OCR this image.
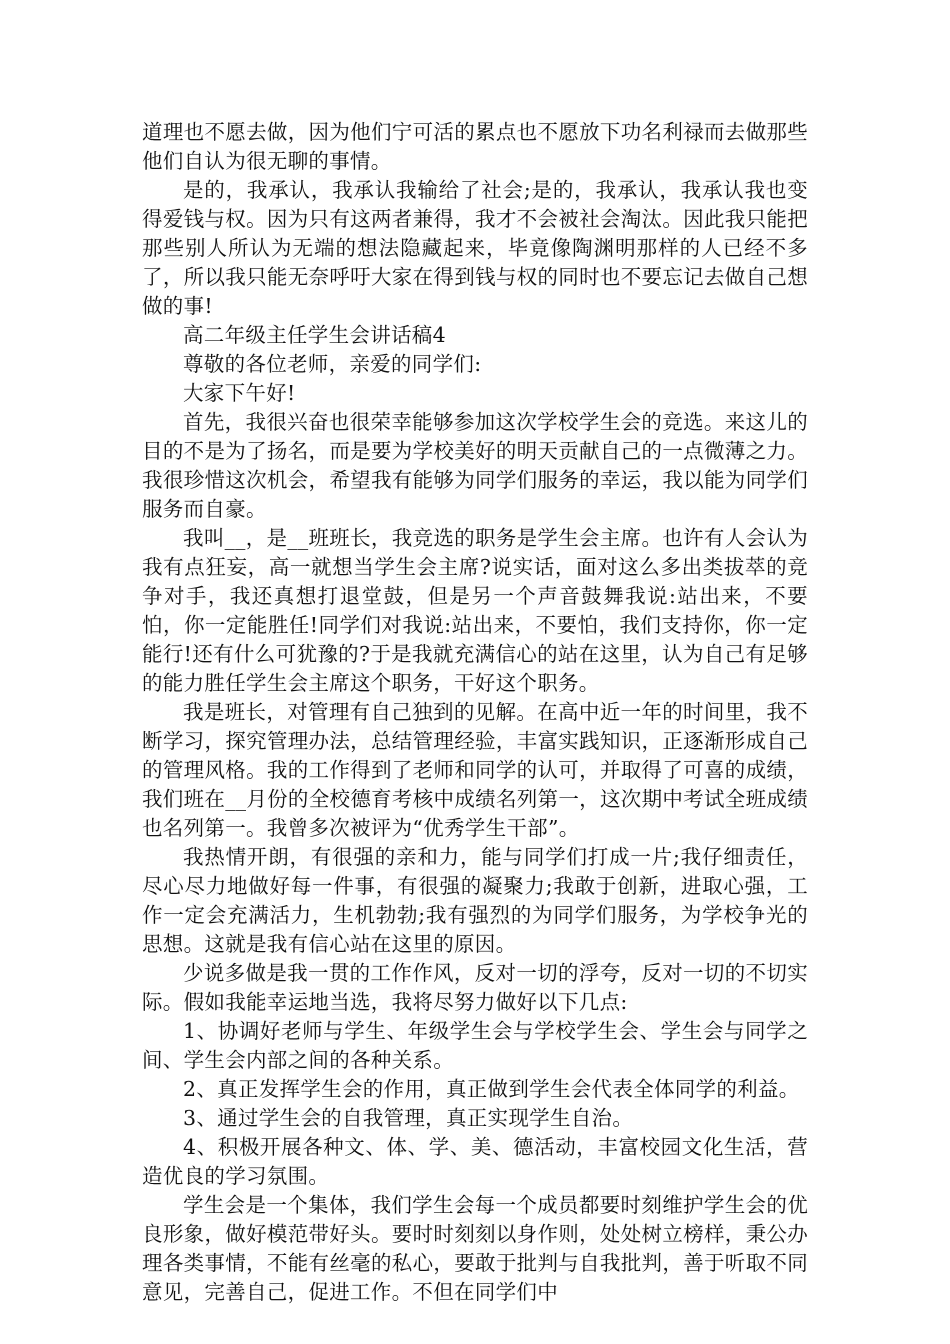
道理也不愿去做，因为他们宁可活的累点也不愿放下功名利禄而去做那些他们自认为很无聊的事情。

是的，我承认，我承认我输给了社会;是的，我承认，我承认我也变得爱钱与权。因为只有这两者兼得，我才不会被社会淘汰。因此我只能把那些别人所认为无端的想法隐藏起来，毕竟像陶渊明那样的人已经不多了，所以我只能无奈呼吁大家在得到钱与权的同时也不要忘记去做自己想做的事!

高二年级主任学生会讲话稿4

尊敬的各位老师，亲爱的同学们:

大家下午好!

首先，我很兴奋也很荣幸能够参加这次学校学生会的竞选。来这儿的目的不是为了扬名，而是要为学校美好的明天贡献自己的一点微薄之力。我很珍惜这次机会，希望我有能够为同学们服务的幸运，我以能为同学们服务而自豪。

我叫__，是__班班长，我竞选的职务是学生会主席。也许有人会认为我有点狂妄，高一就想当学生会主席?说实话，面对这么多出类拔萃的竞争对手，我还真想打退堂鼓，但是另一个声音鼓舞我说:站出来，不要怕，你一定能胜任!同学们对我说:站出来，不要怕，我们支持你，你一定能行!还有什么可犹豫的?于是我就充满信心的站在这里，认为自己有足够的能力胜任学生会主席这个职务，干好这个职务。

我是班长，对管理有自己独到的见解。在高中近一年的时间里，我不断学习，探究管理办法，总结管理经验，丰富实践知识，正逐渐形成自己的管理风格。我的工作得到了老师和同学的认可，并取得了可喜的成绩，我们班在__月份的全校德育考核中成绩名列第一，这次期中考试全班成绩也名列第一。我曾多次被评为“优秀学生干部”。

我热情开朗，有很强的亲和力，能与同学们打成一片;我仔细责任，尽心尽力地做好每一件事，有很强的凝聚力;我敢于创新，进取心强，工作一定会充满活力，生机勃勃;我有强烈的为同学们服务，为学校争光的思想。这就是我有信心站在这里的原因。

少说多做是我一贯的工作作风，反对一切的浮夸，反对一切的不切实际。假如我能幸运地当选，我将尽努力做好以下几点:

1、协调好老师与学生、年级学生会与学校学生会、学生会与同学之间、学生会内部之间的各种关系。

2、真正发挥学生会的作用，真正做到学生会代表全体同学的利益。

3、通过学生会的自我管理，真正实现学生自治。

4、积极开展各种文、体、学、美、德活动，丰富校园文化生活，营造优良的学习氛围。

学生会是一个集体，我们学生会每一个成员都要时刻维护学生会的优良形象，做好模范带好头。要时时刻刻以身作则，处处树立榜样，秉公办理各类事情，不能有丝毫的私心，要敢于批判与自我批判，善于听取不同意见，完善自己，促进工作。不但在同学们中
